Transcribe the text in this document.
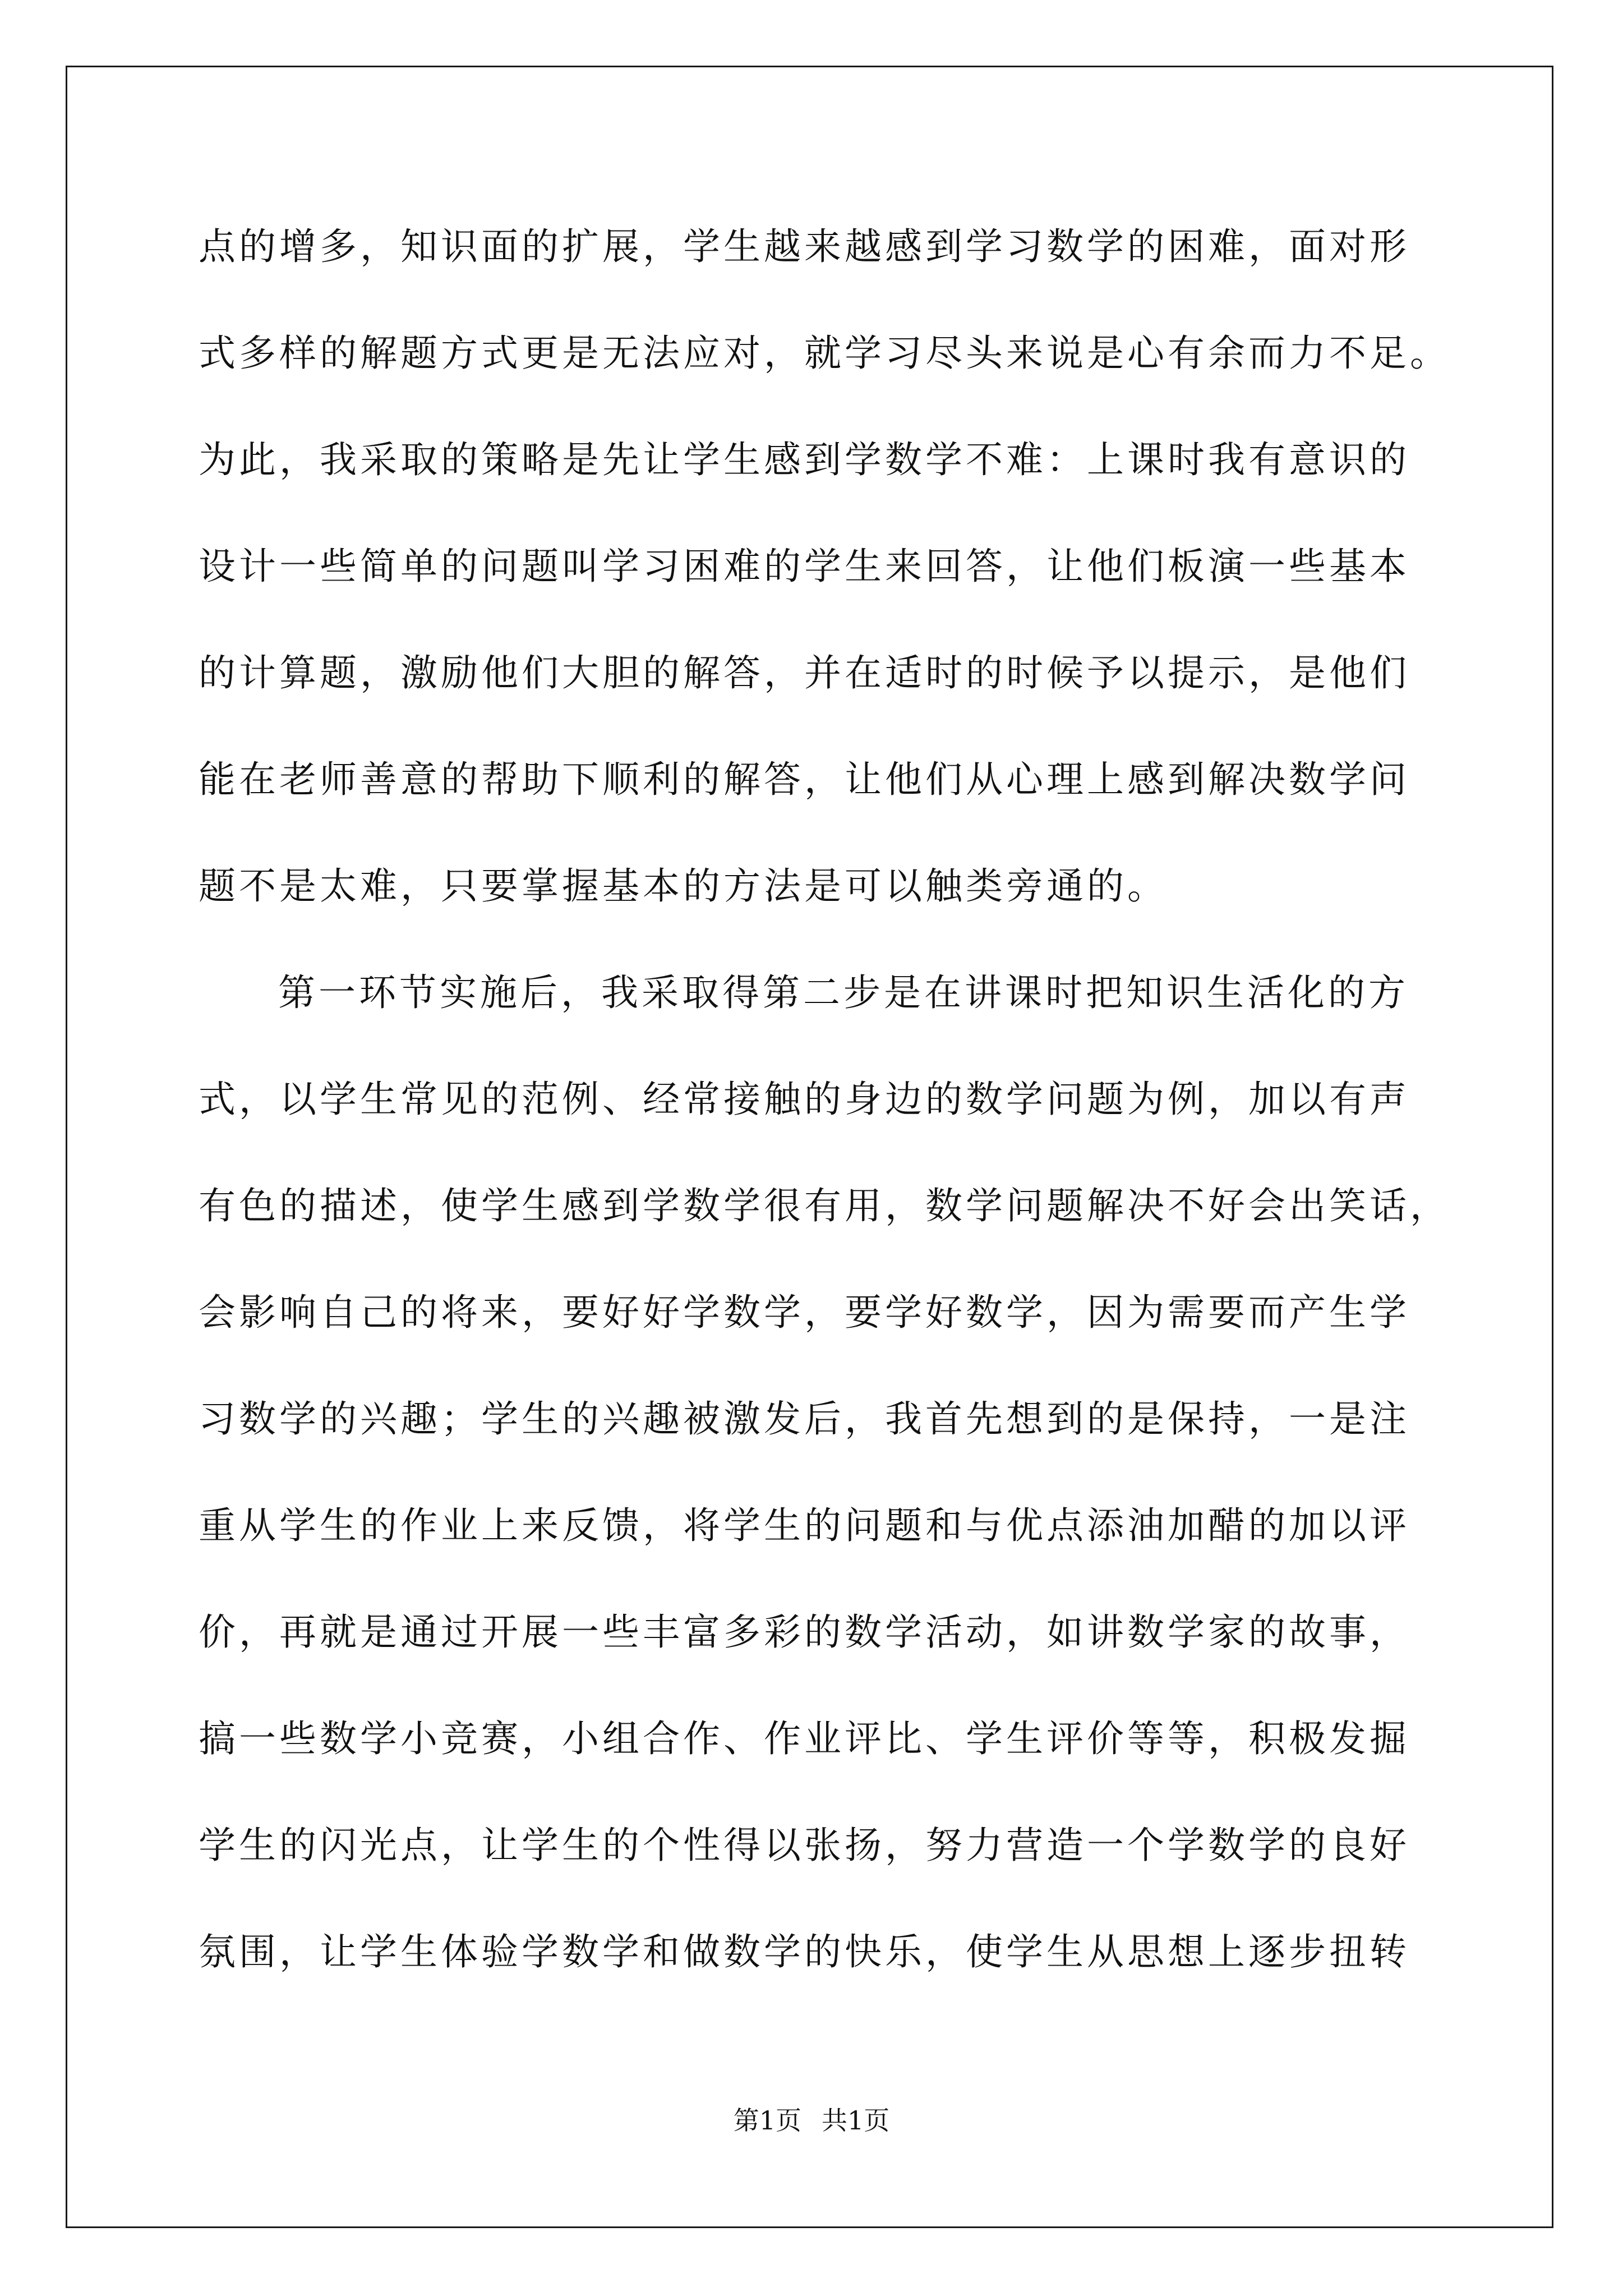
点的增多，知识面的扩展，学生越来越感到学习数学的困难，面对形
式多样的解题方式更是无法应对，就学习尽头来说是心有余而力不足。
为此，我采取的策略是先让学生感到学数学不难：上课时我有意识的
设计一些简单的问题叫学习困难的学生来回答，让他们板演一些基本
的计算题，激励他们大胆的解答，并在适时的时候予以提示，是他们
能在老师善意的帮助下顺利的解答，让他们从心理上感到解决数学问
题不是太难，只要掌握基本的方法是可以触类旁通的。
第一环节实施后，我采取得第二步是在讲课时把知识生活化的方
式，以学生常见的范例、经常接触的身边的数学问题为例，加以有声
有色的描述，使学生感到学数学很有用，数学问题解决不好会出笑话，
会影响自己的将来，要好好学数学，要学好数学，因为需要而产生学
习数学的兴趣；学生的兴趣被激发后，我首先想到的是保持，一是注
重从学生的作业上来反馈，将学生的问题和与优点添油加醋的加以评
价，再就是通过开展一些丰富多彩的数学活动，如讲数学家的故事，
搞一些数学小竞赛，小组合作、作业评比、学生评价等等，积极发掘
学生的闪光点，让学生的个性得以张扬，努力营造一个学数学的良好
氛围，让学生体验学数学和做数学的快乐，使学生从思想上逐步扭转
第1页 共1页
